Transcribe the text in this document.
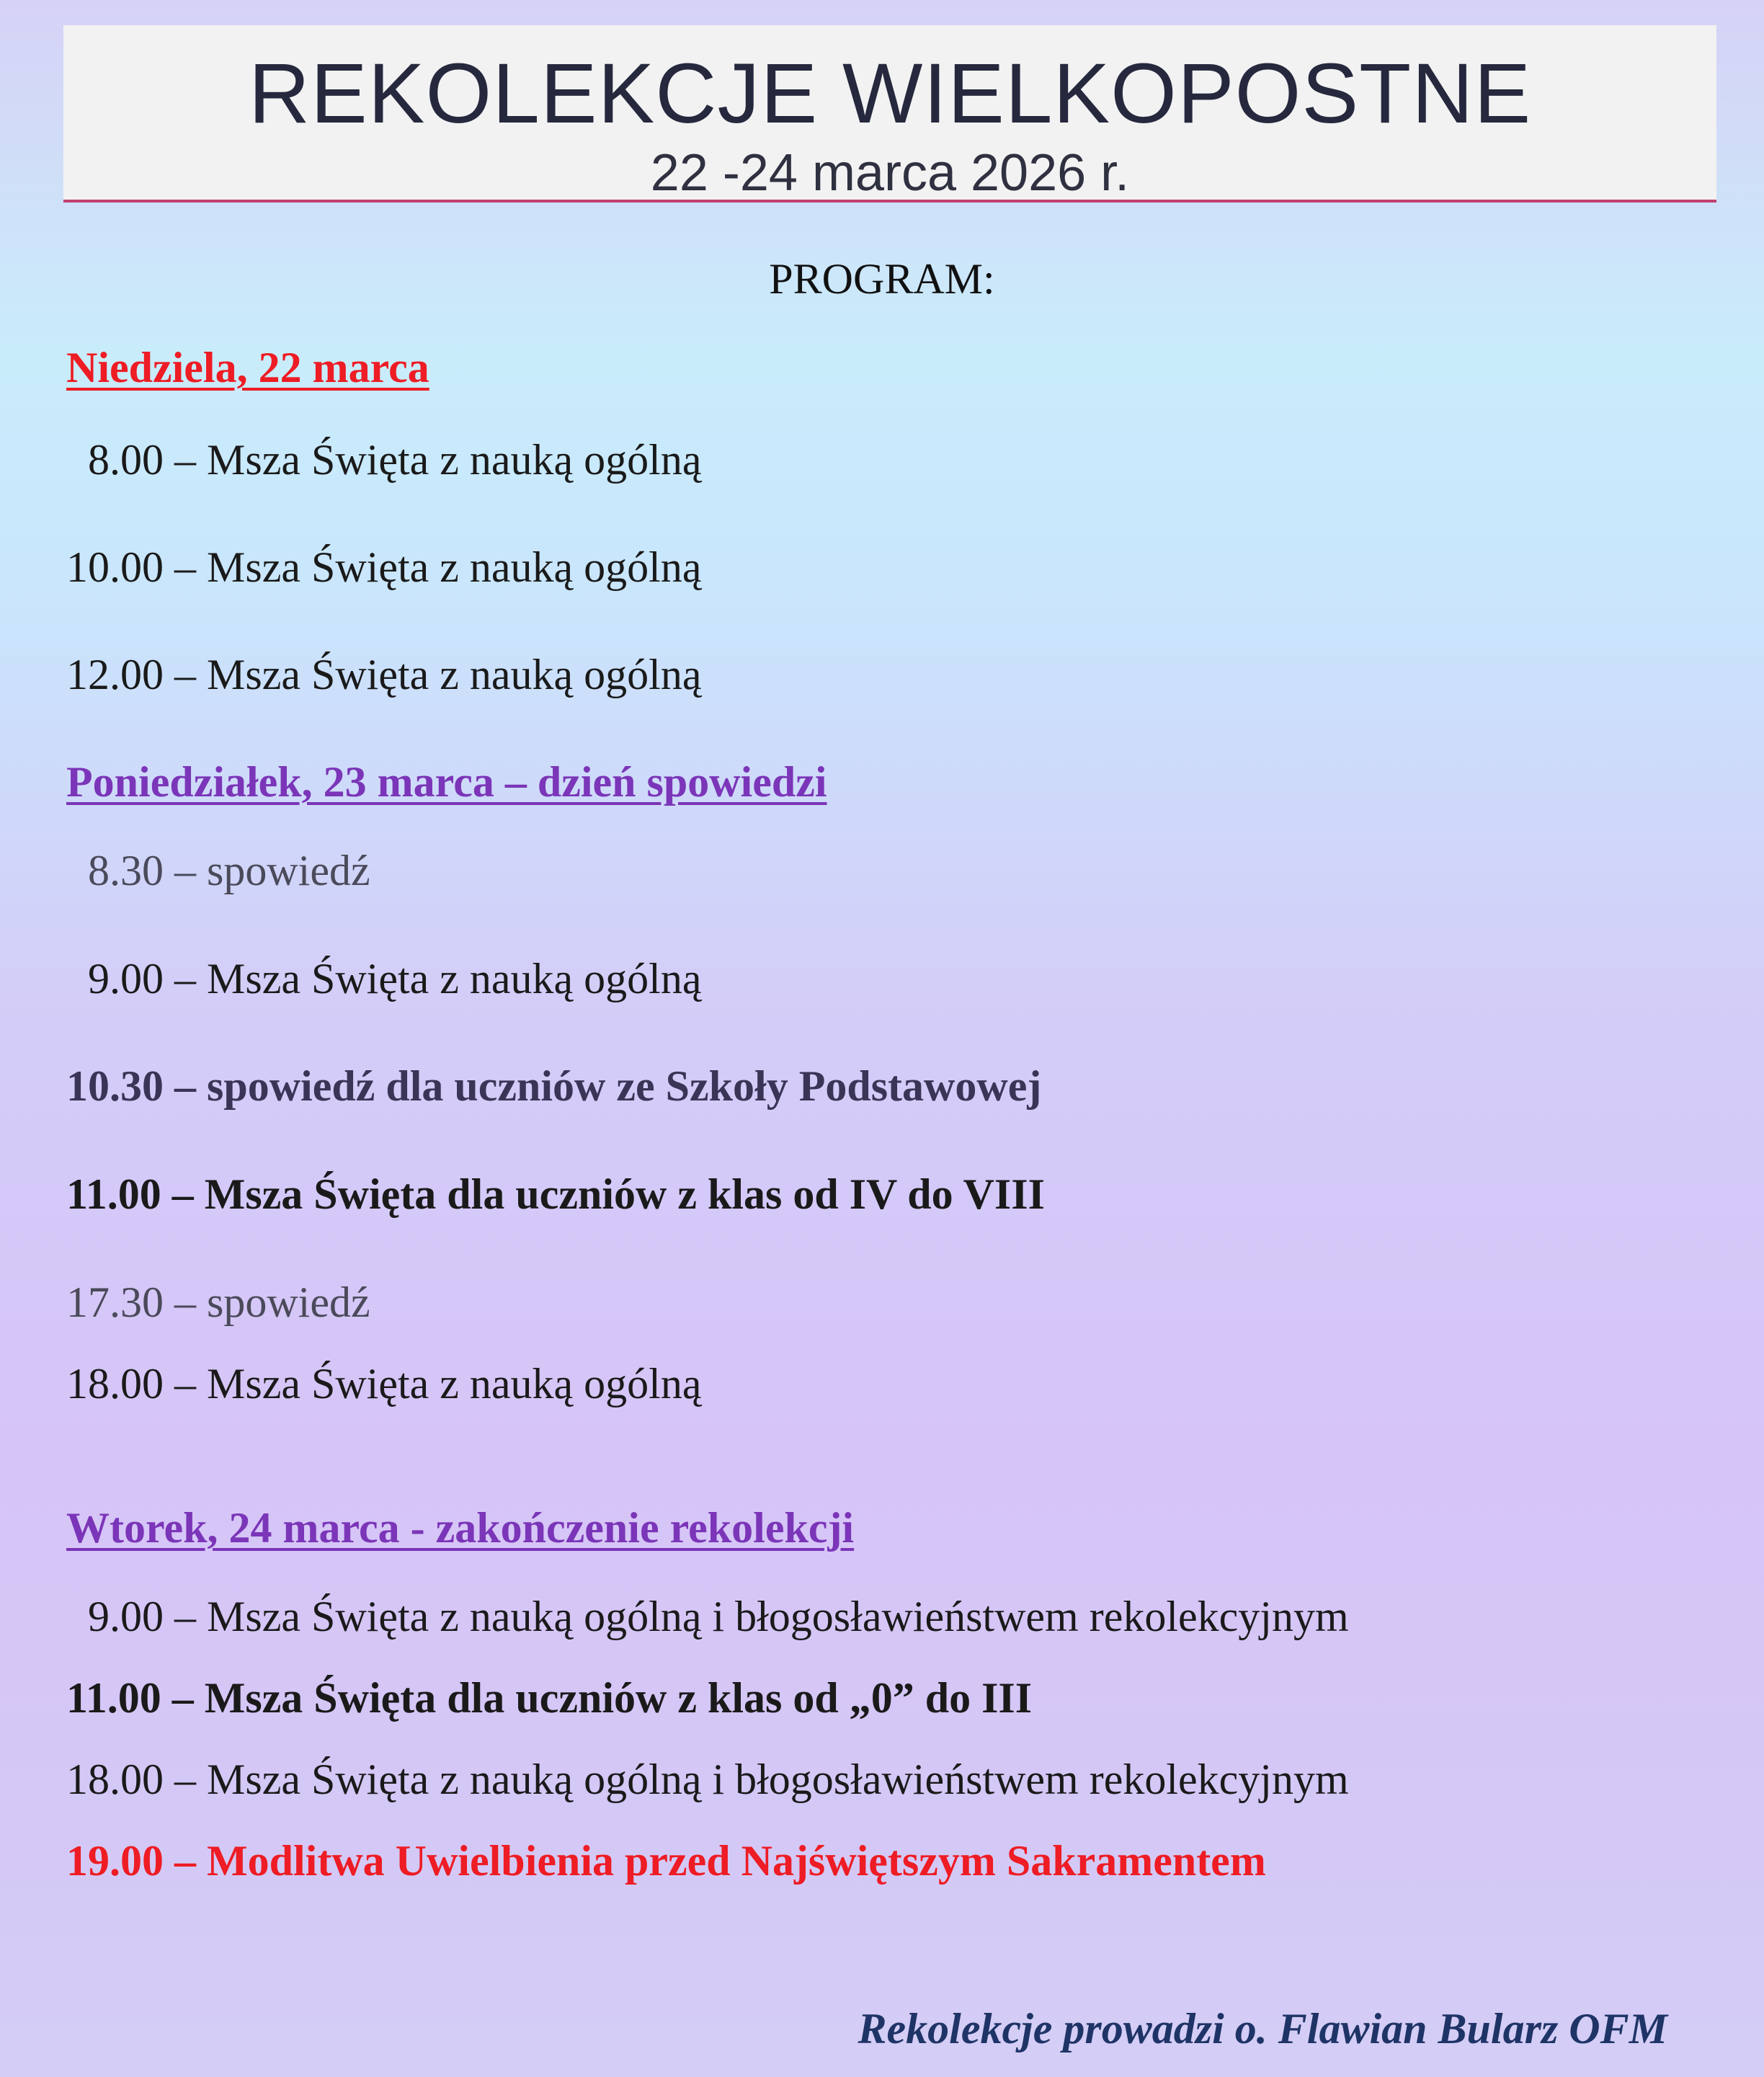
REKOLEKCJE WIELKOPOSTNE
22 -24 marca 2026 r.
PROGRAM:
Niedziela, 22 marca
8.00 – Msza Święta z nauką ogólną
10.00 – Msza Święta z nauką ogólną
12.00 – Msza Święta z nauką ogólną
Poniedziałek, 23 marca – dzień spowiedzi
8.30 – spowiedź
9.00 – Msza Święta z nauką ogólną
10.30 – spowiedź dla uczniów ze Szkoły Podstawowej
11.00 – Msza Święta dla uczniów z klas od IV do VIII
17.30 – spowiedź
18.00 – Msza Święta z nauką ogólną
Wtorek, 24 marca - zakończenie rekolekcji
9.00 – Msza Święta z nauką ogólną i błogosławieństwem rekolekcyjnym
11.00 – Msza Święta dla uczniów z klas od „0” do III
18.00 – Msza Święta z nauką ogólną i błogosławieństwem rekolekcyjnym
19.00 – Modlitwa Uwielbienia przed Najświętszym Sakramentem
Rekolekcje prowadzi o. Flawian Bularz OFM
